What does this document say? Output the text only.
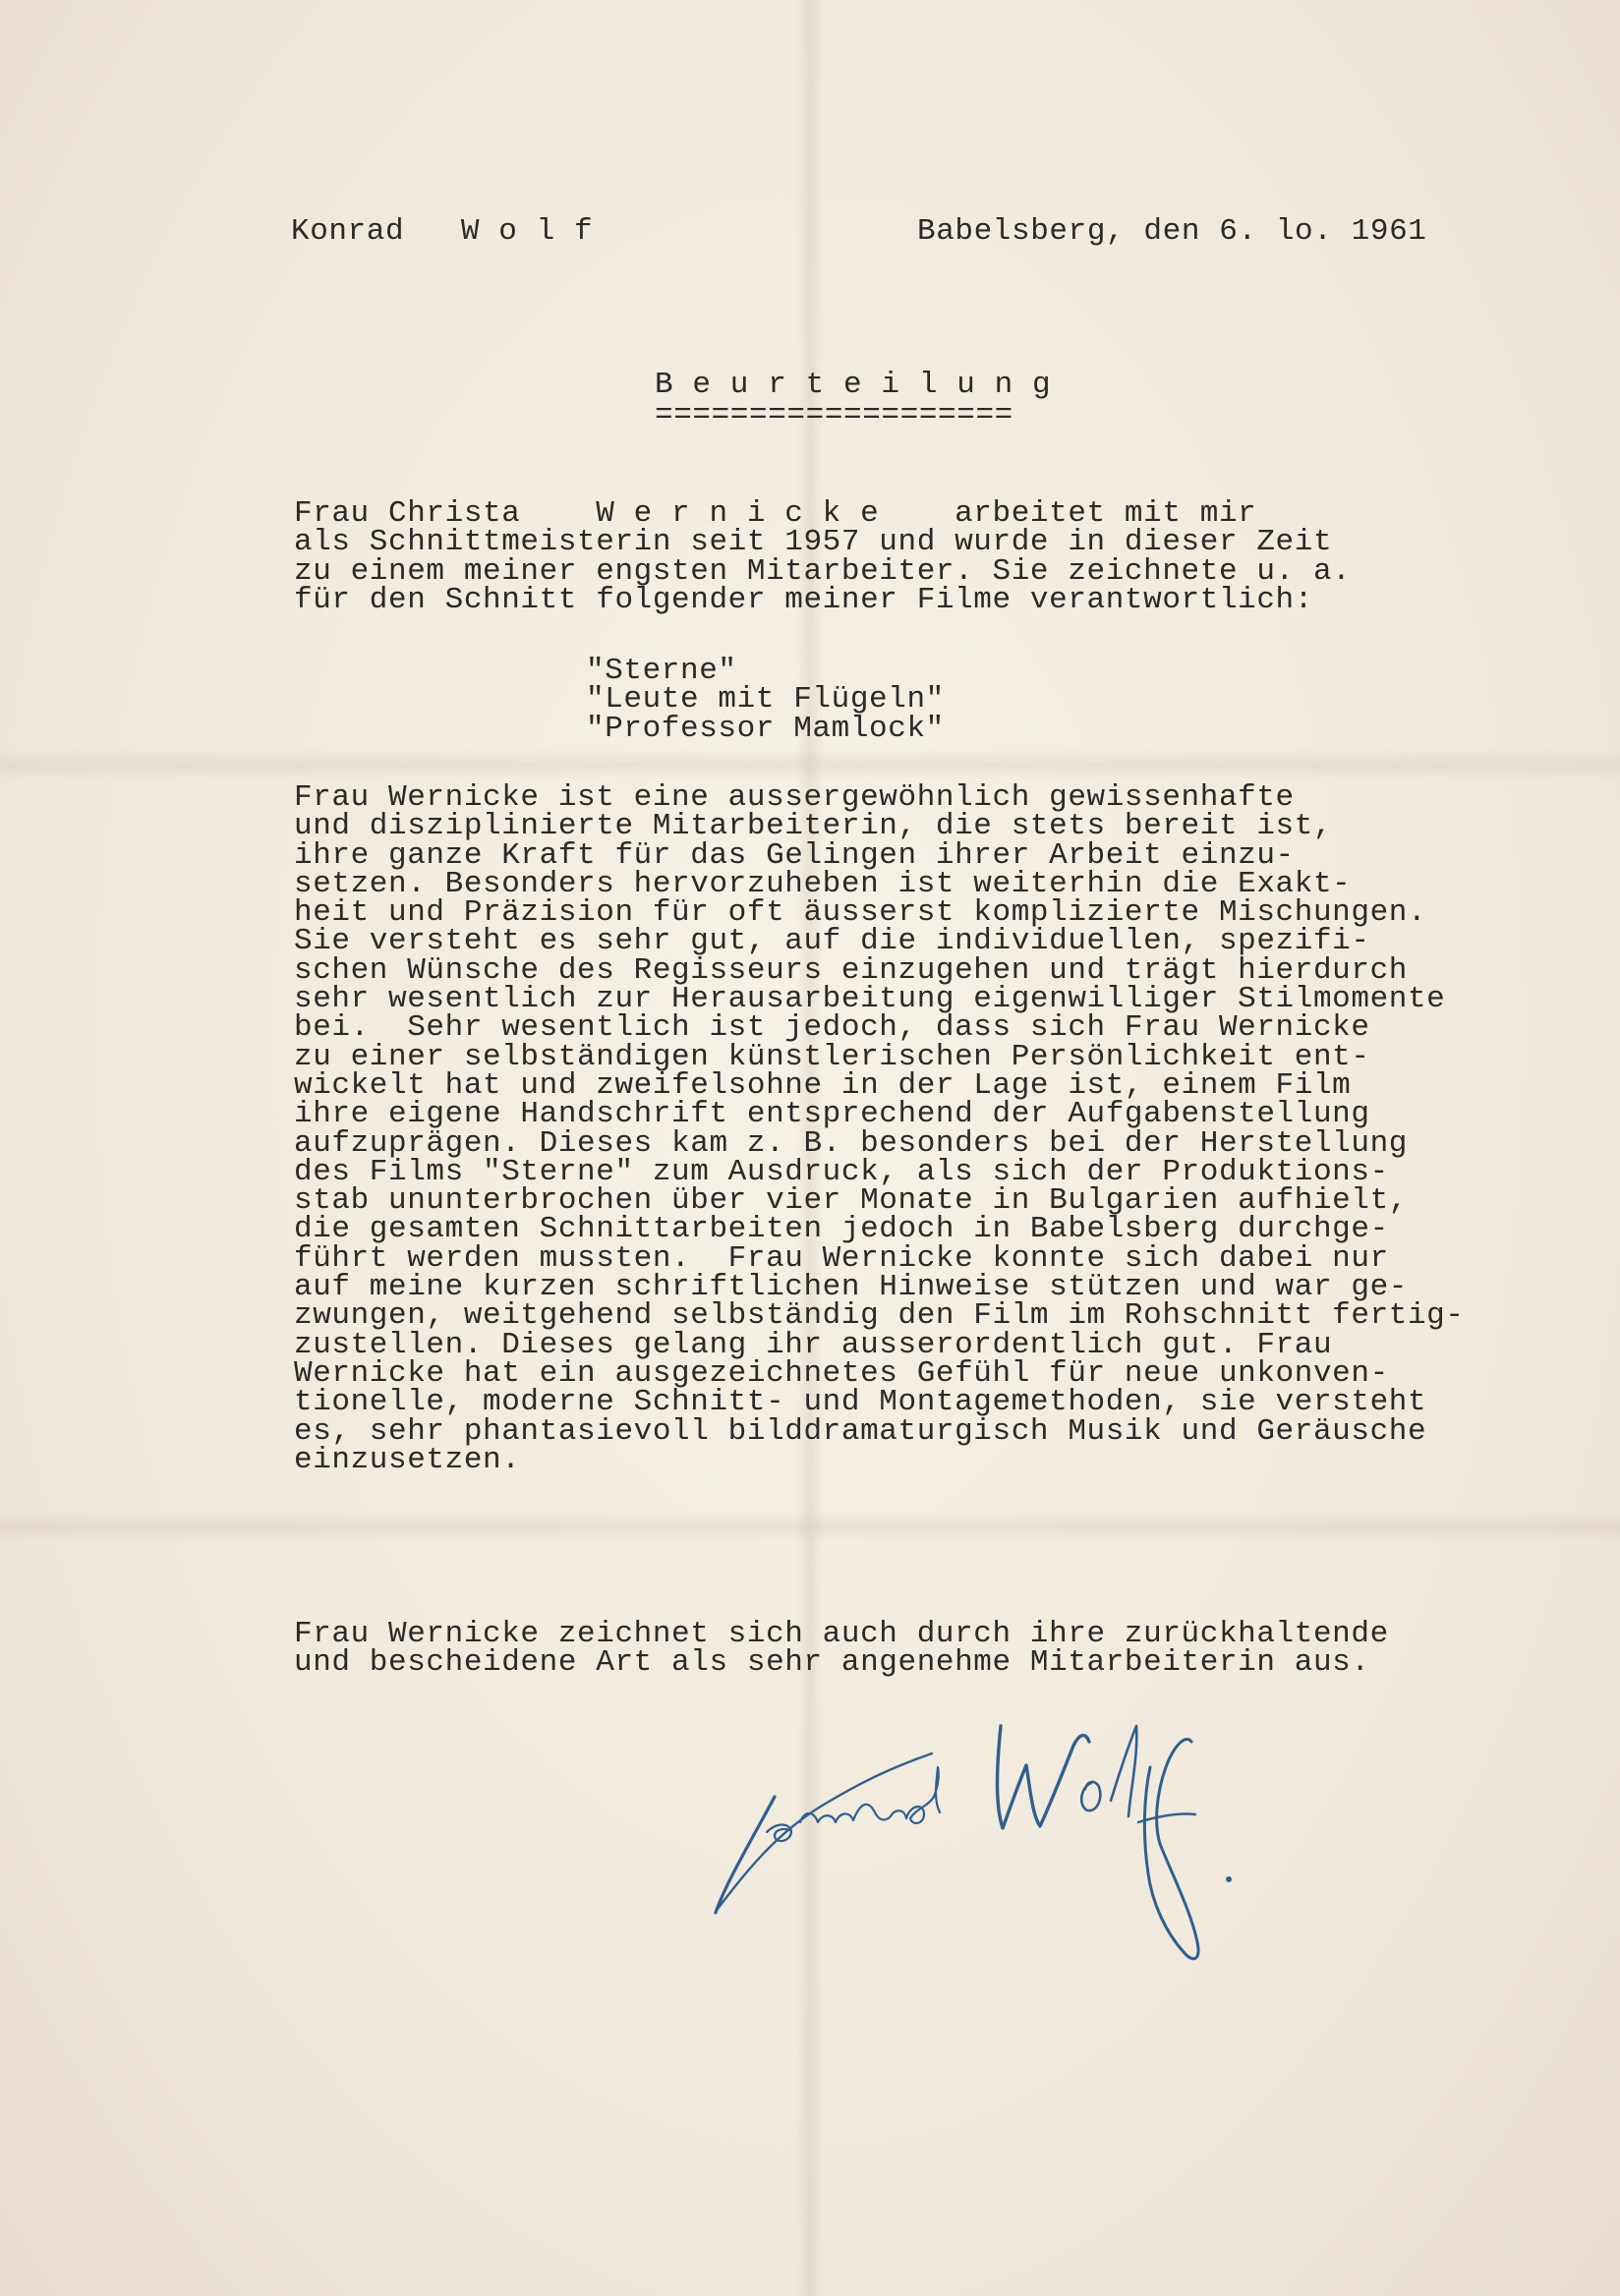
Konrad   W o l f	Babelsberg, den 6. lo. 1961
B e u r t e i l u n g
===================
Frau Christa    W e r n i c k e    arbeitet mit mir
als Schnittmeisterin seit 1957 und wurde in dieser Zeit
zu einem meiner engsten Mitarbeiter. Sie zeichnete u. a.
für den Schnitt folgender meiner Filme verantwortlich:
"Sterne"
"Leute mit Flügeln"
"Professor Mamlock"
Frau Wernicke ist eine aussergewöhnlich gewissenhafte
und disziplinierte Mitarbeiterin, die stets bereit ist,
ihre ganze Kraft für das Gelingen ihrer Arbeit einzu-
setzen. Besonders hervorzuheben ist weiterhin die Exakt-
heit und Präzision für oft äusserst komplizierte Mischungen.
Sie versteht es sehr gut, auf die individuellen, spezifi-
schen Wünsche des Regisseurs einzugehen und trägt hierdurch
sehr wesentlich zur Herausarbeitung eigenwilliger Stilmomente
bei.  Sehr wesentlich ist jedoch, dass sich Frau Wernicke
zu einer selbständigen künstlerischen Persönlichkeit ent-
wickelt hat und zweifelsohne in der Lage ist, einem Film
ihre eigene Handschrift entsprechend der Aufgabenstellung
aufzuprägen. Dieses kam z. B. besonders bei der Herstellung
des Films "Sterne" zum Ausdruck, als sich der Produktions-
stab ununterbrochen über vier Monate in Bulgarien aufhielt,
die gesamten Schnittarbeiten jedoch in Babelsberg durchge-
führt werden mussten.  Frau Wernicke konnte sich dabei nur
auf meine kurzen schriftlichen Hinweise stützen und war ge-
zwungen, weitgehend selbständig den Film im Rohschnitt fertig-
zustellen. Dieses gelang ihr ausserordentlich gut. Frau
Wernicke hat ein ausgezeichnetes Gefühl für neue unkonven-
tionelle, moderne Schnitt- und Montagemethoden, sie versteht
es, sehr phantasievoll bilddramaturgisch Musik und Geräusche
einzusetzen.
Frau Wernicke zeichnet sich auch durch ihre zurückhaltende
und bescheidene Art als sehr angenehme Mitarbeiterin aus.
